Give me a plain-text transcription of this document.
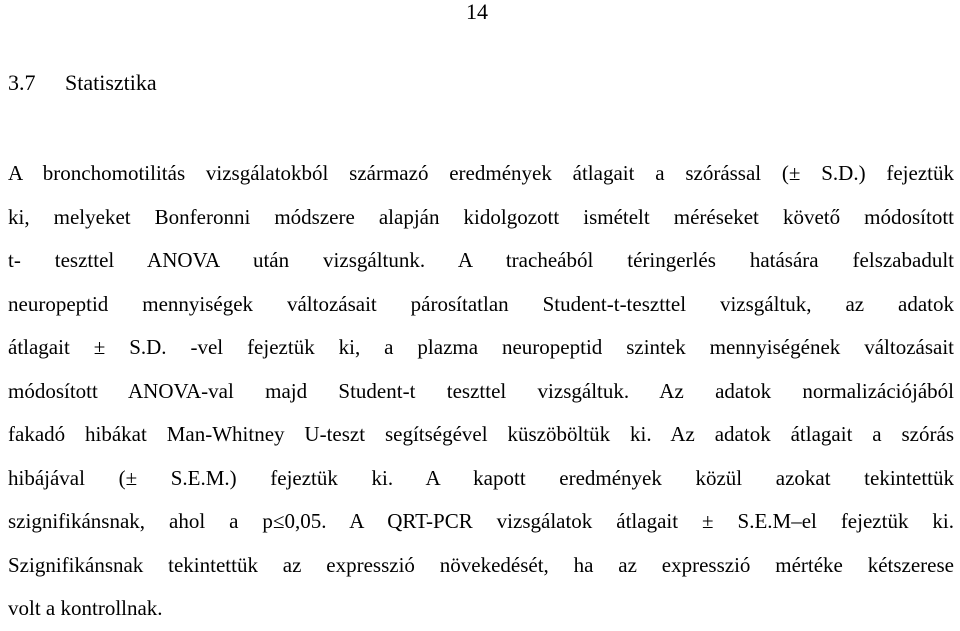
14
3.7 Statisztika
A bronchomotilitás vizsgálatokból származó eredmények átlagait a szórással (± S.D.) fejeztük
ki, melyeket Bonferonni módszere alapján kidolgozott ismételt méréseket követő módosított
t- teszttel ANOVA után vizsgáltunk. A tracheából téringerlés hatására felszabadult
neuropeptid mennyiségek változásait párosítatlan Student-t-teszttel vizsgáltuk, az adatok
átlagait ± S.D. -vel fejeztük ki, a plazma neuropeptid szintek mennyiségének változásait
módosított ANOVA-val majd Student-t teszttel vizsgáltuk. Az adatok normalizációjából
fakadó hibákat Man-Whitney U-teszt segítségével küszöböltük ki. Az adatok átlagait a szórás
hibájával (± S.E.M.) fejeztük ki. A kapott eredmények közül azokat tekintettük
szignifikánsnak, ahol a p≤0,05. A QRT-PCR vizsgálatok átlagait ± S.E.M–el fejeztük ki.
Szignifikánsnak tekintettük az expresszió növekedését, ha az expresszió mértéke kétszerese
volt a kontrollnak.
